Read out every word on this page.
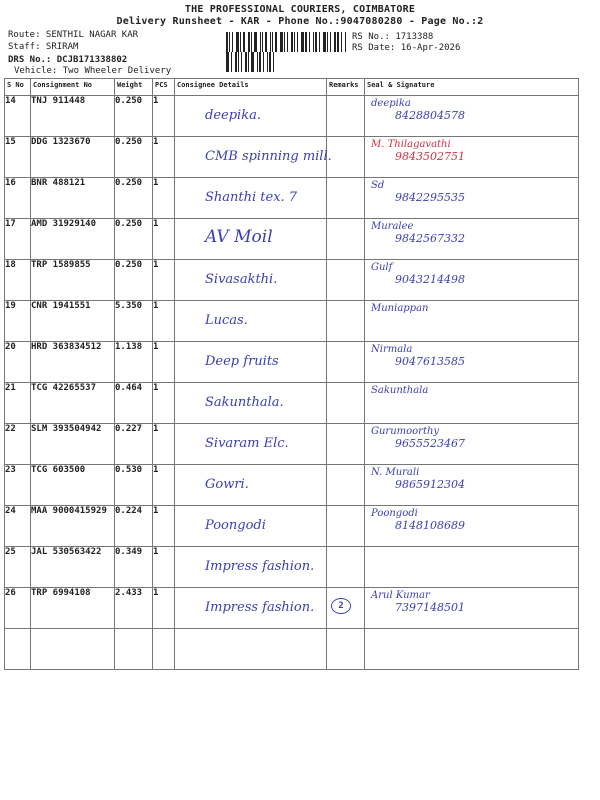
THE PROFESSIONAL COURIERS, COIMBATORE
Delivery Runsheet - KAR - Phone No.:9047080280 - Page No.:2
Route: SENTHIL NAGAR KAR
Staff: SRIRAM
DRS No.: DCJB171338802
Vehicle: Two Wheeler Delivery
RS No.: 1713388
RS Date: 16-Apr-2026
S No	Consignment No	Weight	PCS	Consignee Details	Remarks	Seal & Signature
14	TNJ 911448	0.250	1	deepika.		deepika
8428804578

15	DDG 1323670	0.250	1	CMB spinning mill.		M. Thilagavathi
9843502751

16	BNR 488121	0.250	1	Shanthi tex. 7		Sd
9842295535

17	AMD 31929140	0.250	1	AV Moil		Muralee
9842567332

18	TRP 1589855	0.250	1	Sivasakthi.		Gulf
9043214498

19	CNR 1941551	5.350	1	Lucas.		Muniappan

20	HRD 363834512	1.138	1	Deep fruits		Nirmala
9047613585

21	TCG 42265537	0.464	1	Sakunthala.		Sakunthala

22	SLM 393504942	0.227	1	Sivaram Elc.		Gurumoorthy
9655523467

23	TCG 603500	0.530	1	Gowri.		N. Murali
9865912304

24	MAA 9000415929	0.224	1	Poongodi		Poongodi
8148108689

25	JAL 530563422	0.349	1	Impress fashion.		

26	TRP 6994108	2.433	1	Impress fashion.	2	Arul Kumar
7397148501
